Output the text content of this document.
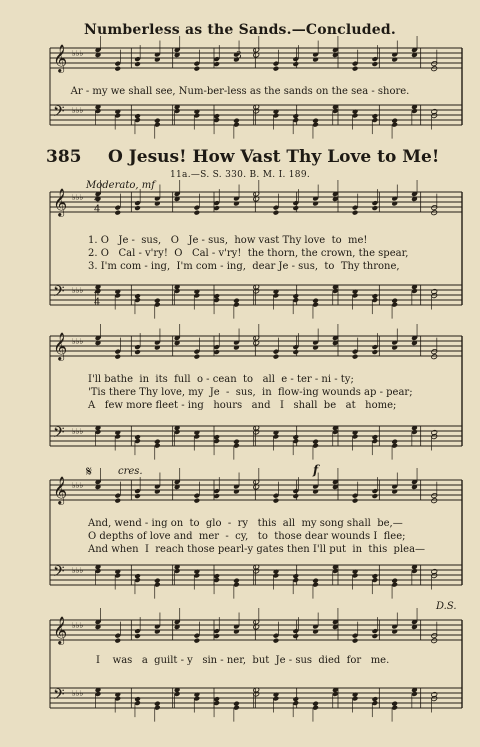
Numberless as the Sands.—Concluded.
𝄞 ♭♭♭
𝄢 ♭♭♭
𝄞 ♭♭♭
𝄢 ♭♭♭
𝄞 ♭♭♭
𝄢 ♭♭♭
𝄞 ♭♭♭
𝄢 ♭♭♭
𝄞 ♭♭♭
𝄢 ♭♭♭
4
4
4
4
3
Ar - my we shall see, Num-ber-less as the sands on the sea - shore.
385 O Jesus! How Vast Thy Love to Me!
11a.—S. S. 330. B. M. I. 189.
Moderato, mf
1. O   Je -  sus,   O   Je - sus,  how vast Thy love  to  me!
2. O   Cal - v'ry!  O   Cal - v'ry!  the thorn, the crown, the spear,
3. I'm com - ing,  I'm com - ing,  dear Je - sus,  to  Thy throne,
I'll bathe  in  its  full  o - cean  to   all  e - ter - ni - ty;
'Tis there Thy love, my  Je  -  sus,  in  flow-ing wounds ap - pear;
A   few more fleet - ing   hours   and   I   shall  be   at   home;
𝄋	cres.	f
And, wend - ing on  to  glo  -  ry   this  all  my song shall  be,—
O depths of love and  mer  -  cy,   to  those dear wounds I  flee;
And when  I  reach those pearl-y gates then I'll put  in  this  plea—
D.S.
I    was   a  guilt - y   sin - ner,  but  Je - sus  died  for   me.
